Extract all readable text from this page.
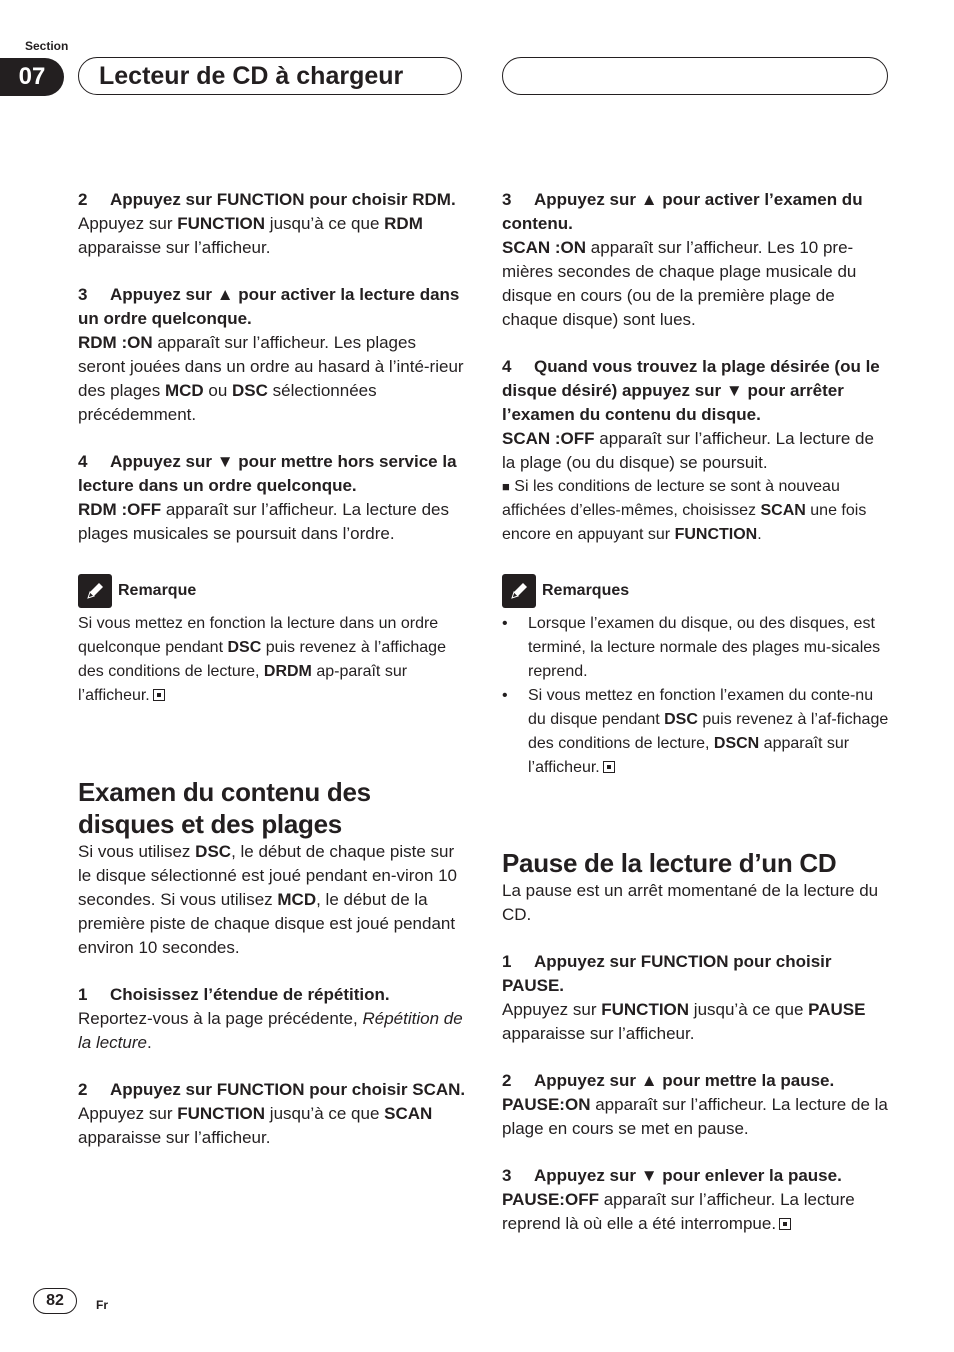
Section
07	Lecteur de CD à chargeur

2 Appuyez sur FUNCTION pour choisir RDM.

Appuyez sur FUNCTION jusqu’à ce que RDM apparaisse sur l’afficheur.

3 Appuyez sur ▲ pour activer la lecture dans un ordre quelconque.

RDM :ON apparaît sur l’afficheur. Les plages seront jouées dans un ordre au hasard à l’inté-rieur des plages MCD ou DSC sélectionnées précédemment.

4 Appuyez sur ▼ pour mettre hors service la lecture dans un ordre quelconque.

RDM :OFF apparaît sur l’afficheur. La lecture des plages musicales se poursuit dans l’ordre.

Remarque

Si vous mettez en fonction la lecture dans un ordre quelconque pendant DSC puis revenez à l’affichage des conditions de lecture, DRDM ap-paraît sur l’afficheur.

Examen du contenu des disques et des plages

Si vous utilisez DSC, le début de chaque piste sur le disque sélectionné est joué pendant en-viron 10 secondes. Si vous utilisez MCD, le début de la première piste de chaque disque est joué pendant environ 10 secondes.

1 Choisissez l’étendue de répétition.

Reportez-vous à la page précédente, Répétition de la lecture.

2 Appuyez sur FUNCTION pour choisir SCAN.

Appuyez sur FUNCTION jusqu’à ce que SCAN apparaisse sur l’afficheur.

3 Appuyez sur ▲ pour activer l’examen du contenu.

SCAN :ON apparaît sur l’afficheur. Les 10 pre-mières secondes de chaque plage musicale du disque en cours (ou de la première plage de chaque disque) sont lues.

4 Quand vous trouvez la plage désirée (ou le disque désiré) appuyez sur ▼ pour arrêter l’examen du contenu du disque.

SCAN :OFF apparaît sur l’afficheur. La lecture de la plage (ou du disque) se poursuit.

■ Si les conditions de lecture se sont à nouveau affichées d’elles-mêmes, choisissez SCAN une fois encore en appuyant sur FUNCTION.

Remarques
•	Lorsque l’examen du disque, ou des disques, est terminé, la lecture normale des plages mu-sicales reprend.
•	Si vous mettez en fonction l’examen du conte-nu du disque pendant DSC puis revenez à l’af-fichage des conditions de lecture, DSCN apparaît sur l’afficheur.
Pause de la lecture d’un CD

La pause est un arrêt momentané de la lecture du CD.

1 Appuyez sur FUNCTION pour choisir PAUSE.

Appuyez sur FUNCTION jusqu’à ce que PAUSE apparaisse sur l’afficheur.

2 Appuyez sur ▲ pour mettre la pause.

PAUSE:ON apparaît sur l’afficheur. La lecture de la plage en cours se met en pause.

3 Appuyez sur ▼ pour enlever la pause.

PAUSE:OFF apparaît sur l’afficheur. La lecture reprend là où elle a été interrompue.

82	Fr
